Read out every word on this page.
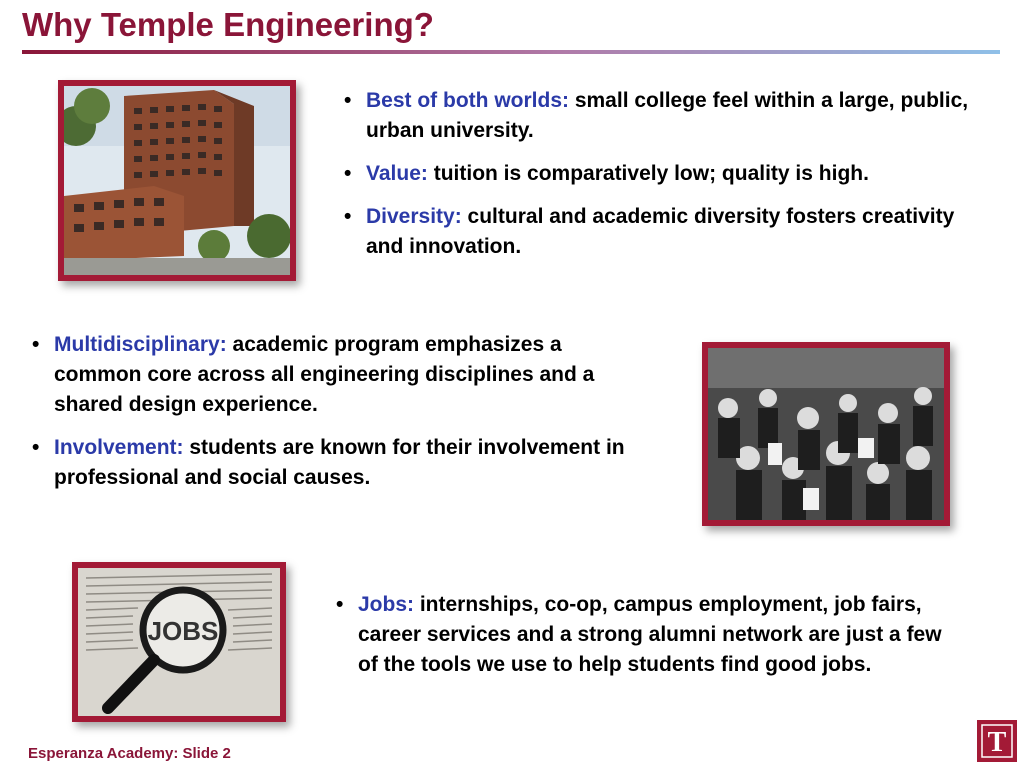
Why Temple Engineering?
• Best of both worlds: small college feel within a large, public, urban university.
• Value: tuition is comparatively low; quality is high.
• Diversity: cultural and academic diversity fosters creativity and innovation.
• Multidisciplinary: academic program emphasizes a common core across all engineering disciplines and a shared design experience.
• Involvement: students are known for their involvement in professional and social causes.
JOBS
• Jobs: internships, co-op, campus employment, job fairs, career services and a strong alumni network are just a few of the tools we use to help students find good jobs.
Esperanza Academy: Slide 2	T
